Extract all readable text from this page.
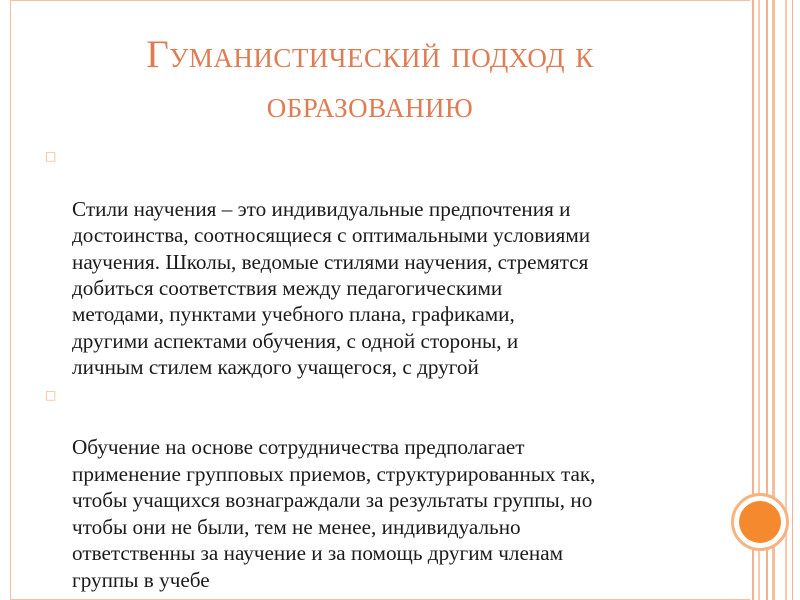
Гуманистический подход к
образованию

□

Стили научения – это индивидуальные предпочтения и
достоинства, соотносящиеся с оптимальными условиями
научения. Школы, ведомые стилями научения, стремятся
добиться соответствия между педагогическими
методами, пунктами учебного плана, графиками,
другими аспектами обучения, с одной стороны, и
личным стилем каждого учащегося, с другой

□

Обучение на основе сотрудничества предполагает
применение групповых приемов, структурированных так,
чтобы учащихся вознаграждали за результаты группы, но
чтобы они не были, тем не менее, индивидуально
ответственны за научение и за помощь другим членам
группы в учебе
